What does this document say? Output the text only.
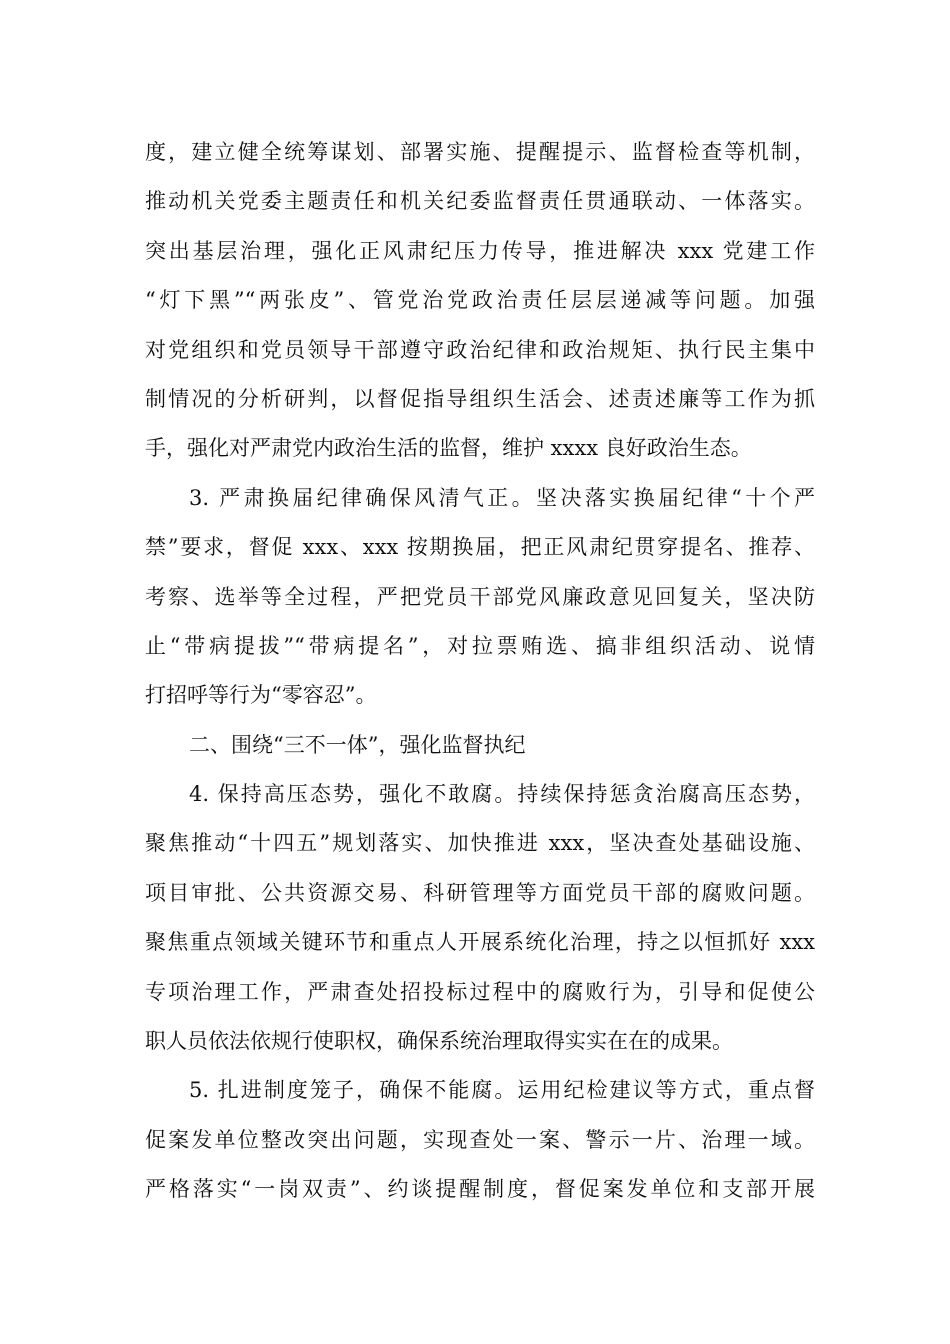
度，建立健全统筹谋划、部署实施、提醒提示、监督检查等机制，
推动机关党委主题责任和机关纪委监督责任贯通联动、一体落实。
突出基层治理，强化正风肃纪压力传导，推进解决 xxx 党建工作
“灯下黑”“两张皮”、管党治党政治责任层层递减等问题。加强
对党组织和党员领导干部遵守政治纪律和政治规矩、执行民主集中
制情况的分析研判，以督促指导组织生活会、述责述廉等工作为抓
手，强化对严肃党内政治生活的监督，维护 xxxx 良好政治生态。
3. 严肃换届纪律确保风清气正。坚决落实换届纪律“十个严
禁”要求，督促 xxx、xxx 按期换届，把正风肃纪贯穿提名、推荐、
考察、选举等全过程，严把党员干部党风廉政意见回复关，坚决防
止“带病提拔”“带病提名”，对拉票贿选、搞非组织活动、说情
打招呼等行为“零容忍”。
二、围绕“三不一体”，强化监督执纪
4. 保持高压态势，强化不敢腐。持续保持惩贪治腐高压态势，
聚焦推动“十四五”规划落实、加快推进 xxx，坚决查处基础设施、
项目审批、公共资源交易、科研管理等方面党员干部的腐败问题。
聚焦重点领域关键环节和重点人开展系统化治理，持之以恒抓好 xxx
专项治理工作，严肃查处招投标过程中的腐败行为，引导和促使公
职人员依法依规行使职权，确保系统治理取得实实在在的成果。
5. 扎进制度笼子，确保不能腐。运用纪检建议等方式，重点督
促案发单位整改突出问题，实现查处一案、警示一片、治理一域。
严格落实“一岗双责”、约谈提醒制度，督促案发单位和支部开展
